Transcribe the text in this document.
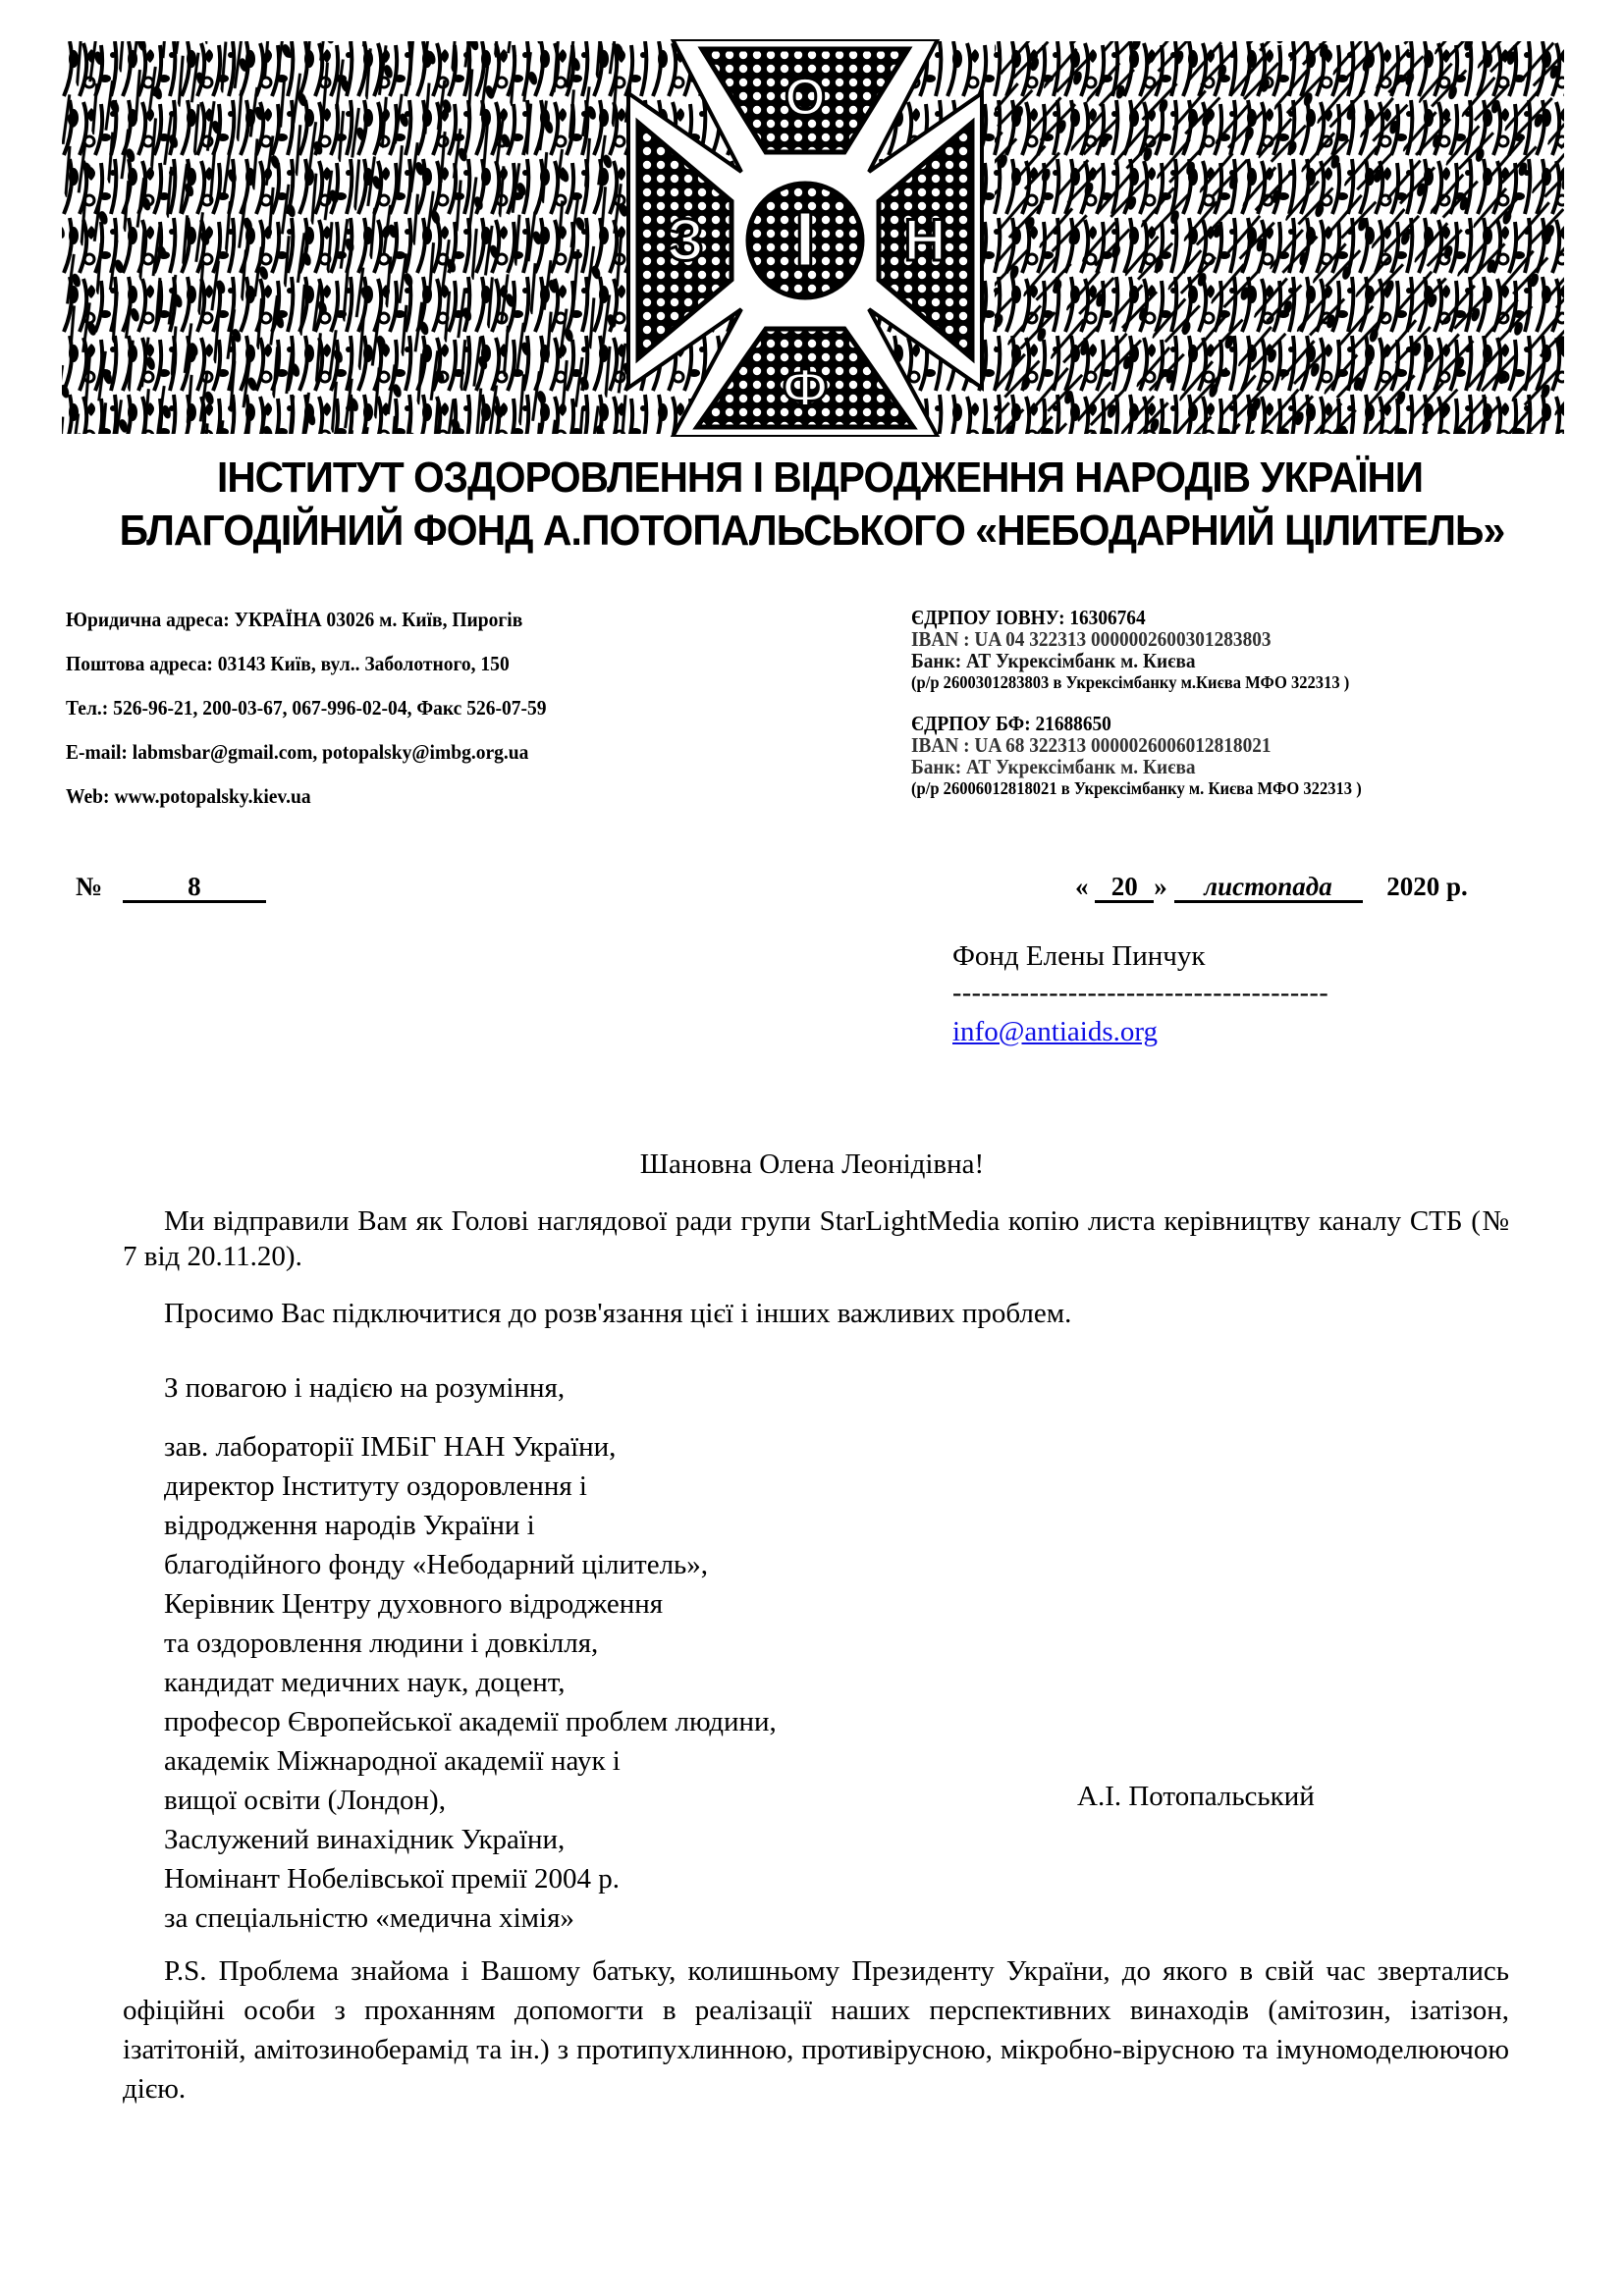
О
З І Н
Ф
ІНСТИТУТ ОЗДОРОВЛЕННЯ І ВІДРОДЖЕННЯ НАРОДІВ УКРАЇНИ
БЛАГОДІЙНИЙ ФОНД А.ПОТОПАЛЬСЬКОГО «НЕБОДАРНИЙ ЦІЛИТЕЛЬ»
Юридична адреса: УКРАЇНА 03026 м. Київ, Пирогів
Поштова адреса: 03143 Київ, вул.. Заболотного, 150
Тел.: 526-96-21, 200-03-67, 067-996-02-04, Факс 526-07-59
E-mail: labmsbar@gmail.com, potopalsky@imbg.org.ua
Web: www.potopalsky.kiev.ua
ЄДРПОУ ІОВНУ: 16306764
IBAN : UA 04 322313 0000002600301283803
Банк: АТ Укрексімбанк м. Києва
(р/р 2600301283803 в Укрексімбанку м.Києва МФО 322313 )
ЄДРПОУ БФ: 21688650
IBAN : UA 68 322313 0000026006012818021
Банк: АТ Укрексімбанк м. Києва
(р/р 26006012818021 в Укрексімбанку м. Києва МФО 322313 )
№	8	« 20 » листопада 2020 р.
Фонд Елены Пинчук
---------------------------------------
info@antiaids.org
Шановна Олена Леонідівна!
Ми відправили Вам як Голові наглядової ради групи StarLightMedia копію листа керівництву каналу СТБ (№ 7 від 20.11.20).
Просимо Вас підключитися до розв'язання цієї і інших важливих проблем.
З повагою і надією на розуміння,
зав. лабораторії ІМБіГ НАН України,
директор Інституту оздоровлення і
відродження народів України і
благодійного фонду «Небодарний цілитель»,
Керівник Центру духовного відродження
та оздоровлення людини і довкілля,
кандидат медичних наук, доцент,
професор Європейської академії проблем людини,
академік Міжнародної академії наук і
вищої освіти (Лондон),
Заслужений винахідник України,
Номінант Нобелівської премії 2004 р.
за спеціальністю «медична хімія»
А.І. Потопальський
P.S. Проблема знайома і Вашому батьку, колишньому Президенту України, до якого в свій час звертались офіційні особи з проханням допомогти в реалізації наших перспективних винаходів (амітозин, ізатізон, ізатітоній, амітозиноберамід та ін.) з протипухлинною, противірусною, мікробно-вірусною та імуномоделюючою дією.
